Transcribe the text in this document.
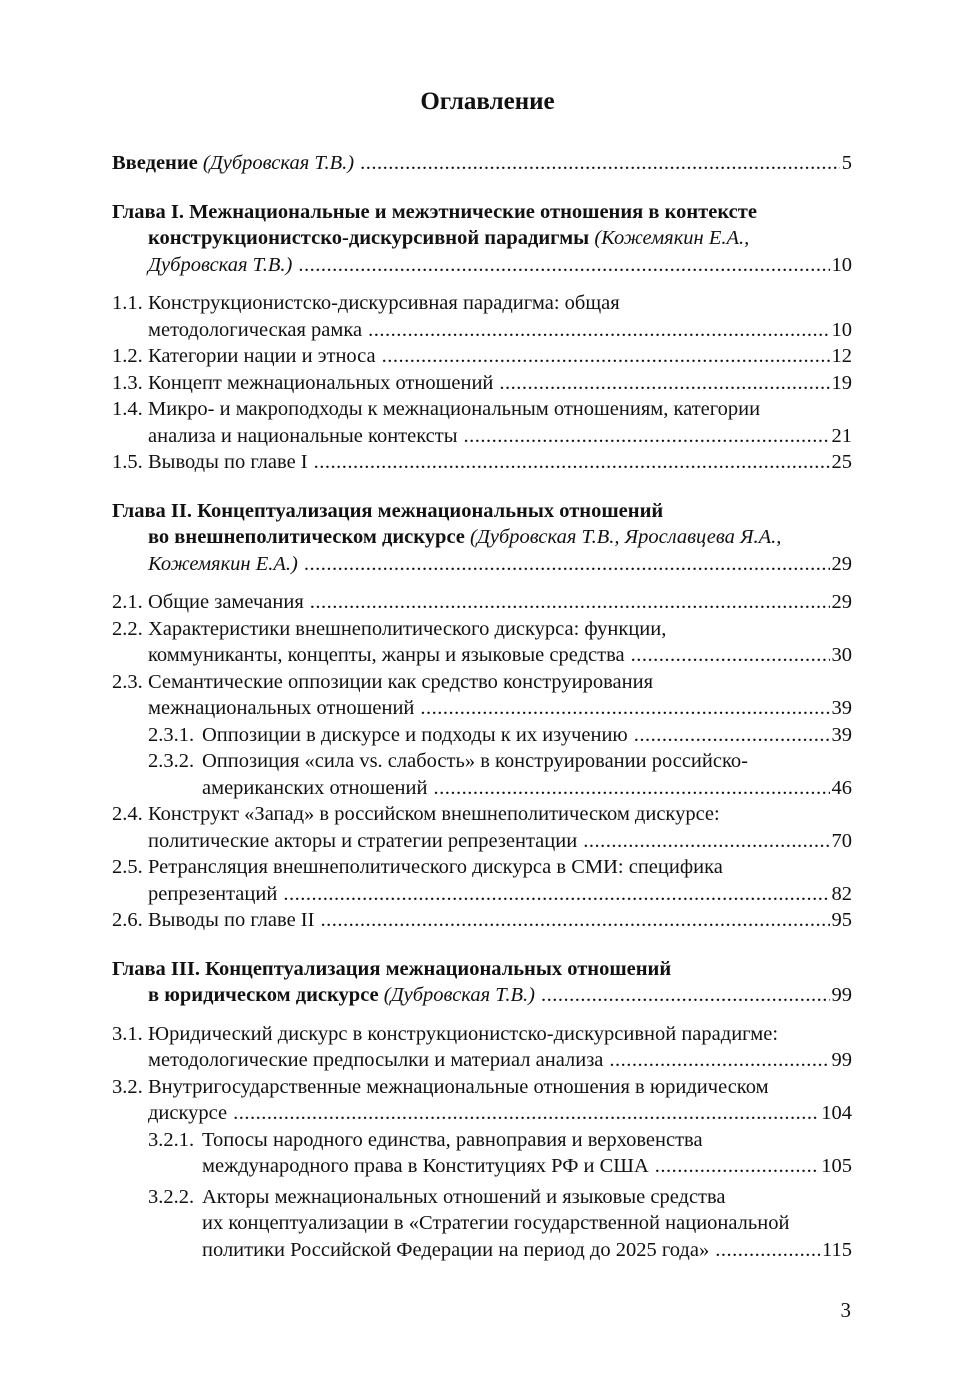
Оглавление
Введение (Дубровская Т.В.) .....	5
Глава I. Межнациональные и межэтнические отношения в контексте
конструкционистско-дискурсивной парадигмы (Кожемякин Е.А.,
Дубровская Т.В.) .....	10
1.1. Конструкционистско-дискурсивная парадигма: общая
методологическая рамка .....	10
1.2. Категории нации и этноса .....	12
1.3. Концепт межнациональных отношений .....	19
1.4. Микро- и макроподходы к межнациональным отношениям, категории
анализа и национальные контексты .....	21
1.5. Выводы по главе I .....	25
Глава II. Концептуализация межнациональных отношений
во внешнеполитическом дискурсе (Дубровская Т.В., Ярославцева Я.А.,
Кожемякин Е.А.) .....	29
2.1. Общие замечания .....	29
2.2. Характеристики внешнеполитического дискурса: функции,
коммуниканты, концепты, жанры и языковые средства .....	30
2.3. Семантические оппозиции как средство конструирования
межнациональных отношений .....	39
2.3.1. Оппозиции в дискурсе и подходы к их изучению .....	39
2.3.2. Оппозиция «сила vs. слабость» в конструировании российско-
американских отношений .....	46
2.4. Конструкт «Запад» в российском внешнеполитическом дискурсе:
политические акторы и стратегии репрезентации .....	70
2.5. Ретрансляция внешнеполитического дискурса в СМИ: специфика
репрезентаций .....	82
2.6. Выводы по главе II .....	95
Глава III. Концептуализация межнациональных отношений
в юридическом дискурсе (Дубровская Т.В.) .....	99
3.1. Юридический дискурс в конструкционистско-дискурсивной парадигме:
методологические предпосылки и материал анализа .....	99
3.2. Внутригосударственные межнациональные отношения в юридическом
дискурсе .....	104
3.2.1. Топосы народного единства, равноправия и верховенства
международного права в Конституциях РФ и США .....	105
3.2.2. Акторы межнациональных отношений и языковые средства
их концептуализации в «Стратегии государственной национальной
политики Российской Федерации на период до 2025 года» .....	115
3
